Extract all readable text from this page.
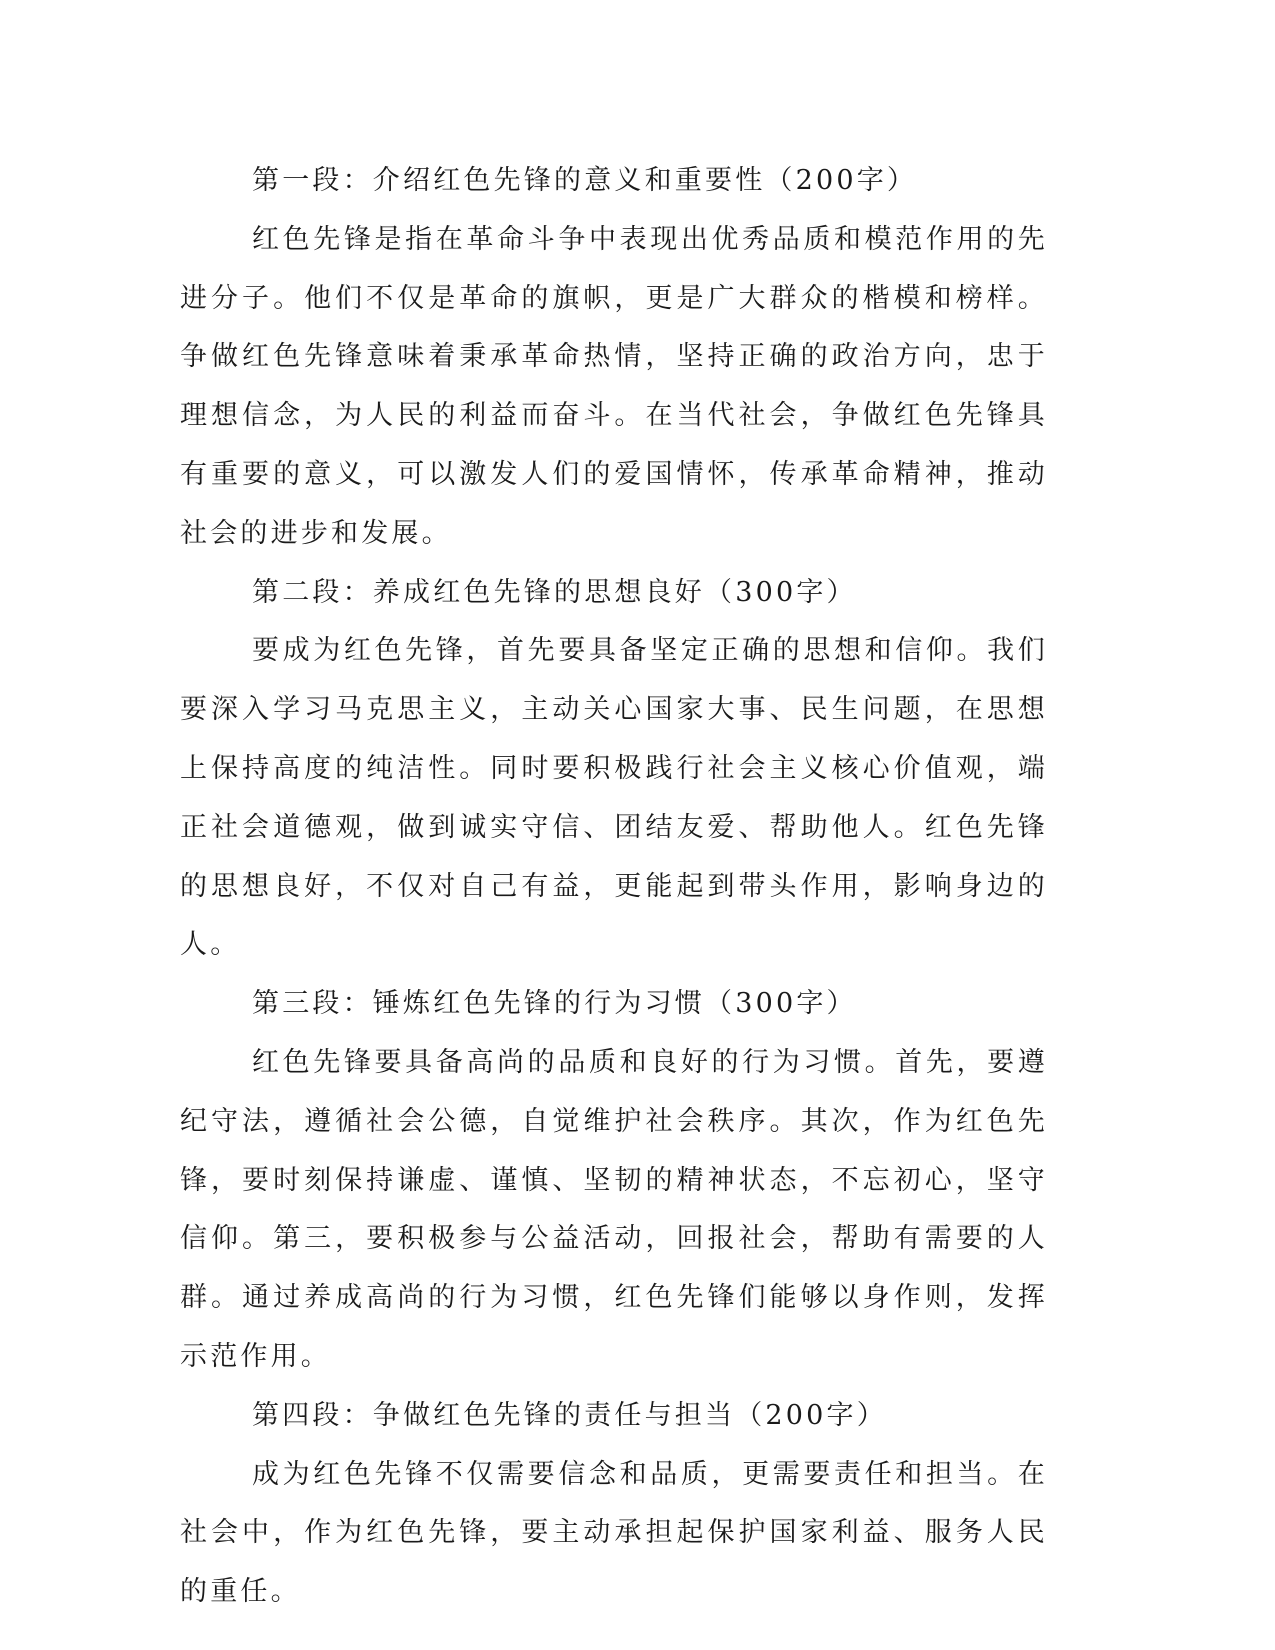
第一段：介绍红色先锋的意义和重要性（200字）

红色先锋是指在革命斗争中表现出优秀品质和模范作用的先进分子。他们不仅是革命的旗帜，更是广大群众的楷模和榜样。争做红色先锋意味着秉承革命热情，坚持正确的政治方向，忠于理想信念，为人民的利益而奋斗。在当代社会，争做红色先锋具有重要的意义，可以激发人们的爱国情怀，传承革命精神，推动社会的进步和发展。

第二段：养成红色先锋的思想良好（300字）

要成为红色先锋，首先要具备坚定正确的思想和信仰。我们要深入学习马克思主义，主动关心国家大事、民生问题，在思想上保持高度的纯洁性。同时要积极践行社会主义核心价值观，端正社会道德观，做到诚实守信、团结友爱、帮助他人。红色先锋的思想良好，不仅对自己有益，更能起到带头作用，影响身边的人。

第三段：锤炼红色先锋的行为习惯（300字）

红色先锋要具备高尚的品质和良好的行为习惯。首先，要遵纪守法，遵循社会公德，自觉维护社会秩序。其次，作为红色先锋，要时刻保持谦虚、谨慎、坚韧的精神状态，不忘初心，坚守信仰。第三，要积极参与公益活动，回报社会，帮助有需要的人群。通过养成高尚的行为习惯，红色先锋们能够以身作则，发挥示范作用。

第四段：争做红色先锋的责任与担当（200字）

成为红色先锋不仅需要信念和品质，更需要责任和担当。在社会中，作为红色先锋，要主动承担起保护国家利益、服务人民的重任。
